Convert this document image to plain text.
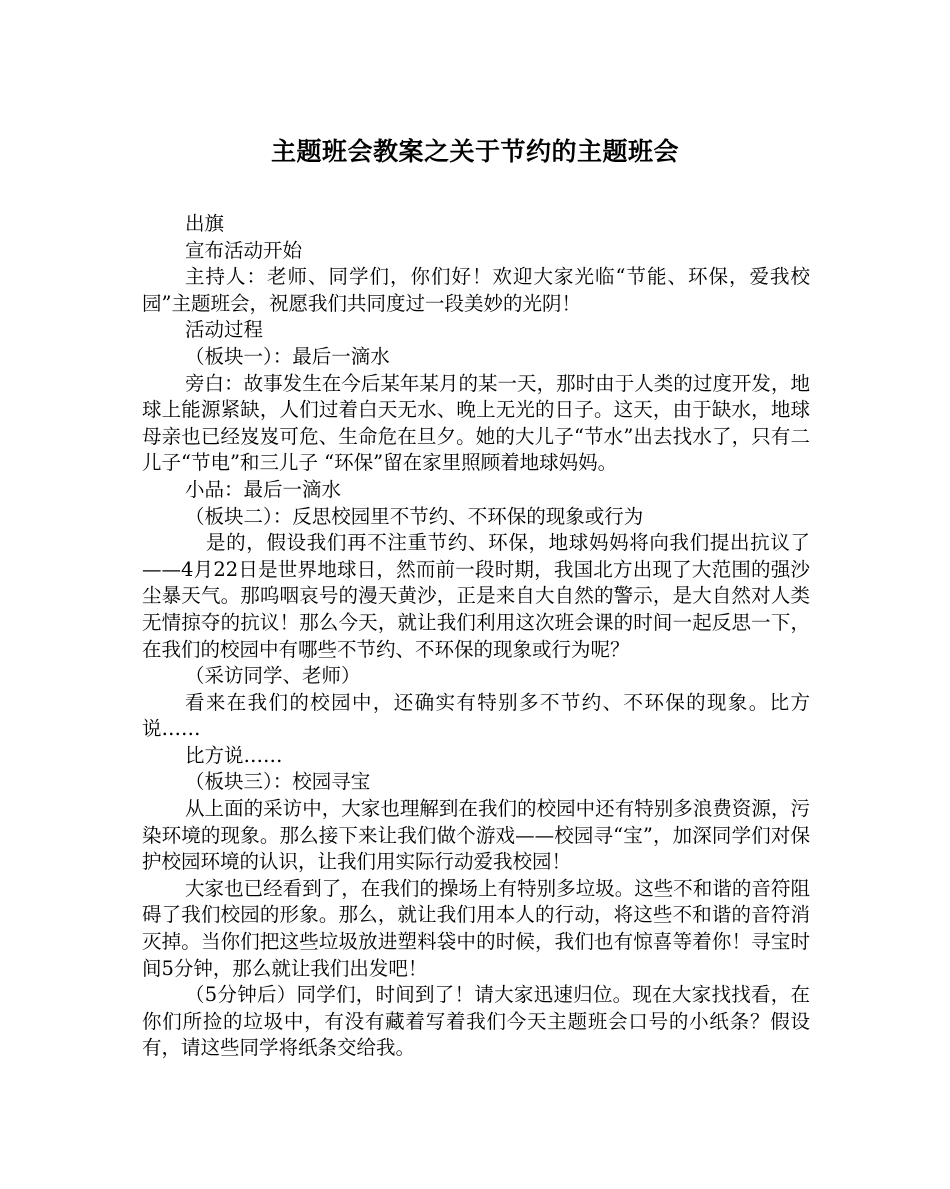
主题班会教案之关于节约的主题班会

出旗

宣布活动开始

主持人：老师、同学们，你们好！欢迎大家光临“节能、环保，爱我校园”主题班会，祝愿我们共同度过一段美妙的光阴！

活动过程

（板块一）：最后一滴水

旁白：故事发生在今后某年某月的某一天，那时由于人类的过度开发，地球上能源紧缺，人们过着白天无水、晚上无光的日子。这天，由于缺水，地球母亲也已经岌岌可危、生命危在旦夕。她的大儿子“节水”出去找水了，只有二儿子“节电”和三儿子 “环保”留在家里照顾着地球妈妈。

小品：最后一滴水

（板块二）：反思校园里不节约、不环保的现象或行为

是的，假设我们再不注重节约、环保，地球妈妈将向我们提出抗议了——4月22日是世界地球日，然而前一段时期，我国北方出现了大范围的强沙尘暴天气。那呜咽哀号的漫天黄沙，正是来自大自然的警示，是大自然对人类无情掠夺的抗议！那么今天，就让我们利用这次班会课的时间一起反思一下，在我们的校园中有哪些不节约、不环保的现象或行为呢？

（采访同学、老师）

看来在我们的校园中，还确实有特别多不节约、不环保的现象。比方说……

比方说……

（板块三）：校园寻宝

从上面的采访中，大家也理解到在我们的校园中还有特别多浪费资源，污染环境的现象。那么接下来让我们做个游戏——校园寻“宝”，加深同学们对保护校园环境的认识，让我们用实际行动爱我校园！

大家也已经看到了，在我们的操场上有特别多垃圾。这些不和谐的音符阻碍了我们校园的形象。那么，就让我们用本人的行动，将这些不和谐的音符消灭掉。当你们把这些垃圾放进塑料袋中的时候，我们也有惊喜等着你！寻宝时间5分钟，那么就让我们出发吧！

（5分钟后）同学们，时间到了！请大家迅速归位。现在大家找找看，在你们所捡的垃圾中，有没有藏着写着我们今天主题班会口号的小纸条？假设有，请这些同学将纸条交给我。
